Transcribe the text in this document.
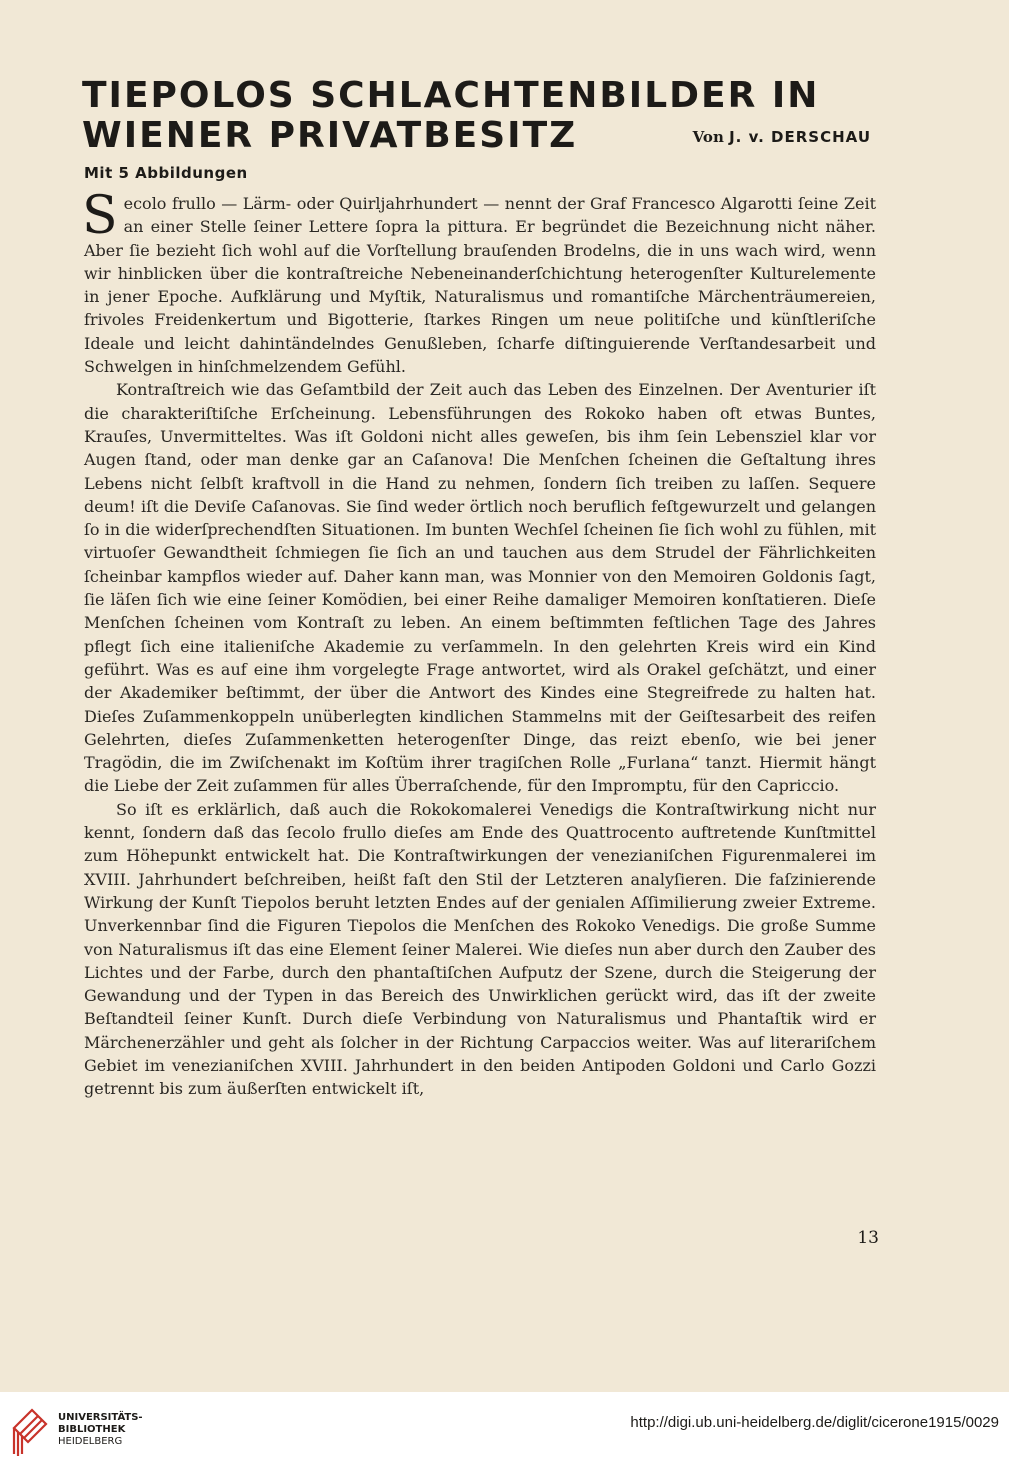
TIEPOLOS SCHLACHTENBILDER IN
WIENER PRIVATBESITZ	Von J. v. DERSCHAU
Mit 5 Abbildungen

Secolo frullo — Lärm- oder Quirljahrhundert — nennt der Graf Francesco Algarotti ſeine Zeit an einer Stelle ſeiner Lettere ſopra la pittura. Er begründet die Bezeichnung nicht näher. Aber ſie bezieht ſich wohl auf die Vorſtellung brauſenden Brodelns, die in uns wach wird, wenn wir hinblicken über die kontraſtreiche Nebeneinanderſchichtung heterogenſter Kulturelemente in jener Epoche. Aufklärung und Myſtik, Naturalismus und romantiſche Märchenträumereien, frivoles Freidenkertum und Bigotterie, ſtarkes Ringen um neue politiſche und künſtleriſche Ideale und leicht dahintändelndes Genußleben, ſcharfe diſtinguierende Verſtandesarbeit und Schwelgen in hinſchmelzendem Gefühl.

Kontraſtreich wie das Geſamtbild der Zeit auch das Leben des Einzelnen. Der Aventurier iſt die charakteriſtiſche Erſcheinung. Lebensführungen des Rokoko haben oft etwas Buntes, Krauſes, Unvermitteltes. Was iſt Goldoni nicht alles geweſen, bis ihm ſein Lebensziel klar vor Augen ſtand, oder man denke gar an Caſanova! Die Menſchen ſcheinen die Geſtaltung ihres Lebens nicht ſelbſt kraftvoll in die Hand zu nehmen, ſondern ſich treiben zu laſſen. Sequere deum! iſt die Deviſe Caſanovas. Sie ſind weder örtlich noch beruflich feſtgewurzelt und gelangen ſo in die widerſprechendſten Situationen. Im bunten Wechſel ſcheinen ſie ſich wohl zu fühlen, mit virtuoſer Gewandtheit ſchmiegen ſie ſich an und tauchen aus dem Strudel der Fährlichkeiten ſcheinbar kampflos wieder auf. Daher kann man, was Monnier von den Memoiren Goldonis ſagt, ſie läſen ſich wie eine ſeiner Komödien, bei einer Reihe damaliger Memoiren konſtatieren. Dieſe Menſchen ſcheinen vom Kontraſt zu leben. An einem beſtimmten feſtlichen Tage des Jahres pflegt ſich eine italieniſche Akademie zu verſammeln. In den gelehrten Kreis wird ein Kind geführt. Was es auf eine ihm vorgelegte Frage antwortet, wird als Orakel geſchätzt, und einer der Akademiker beſtimmt, der über die Antwort des Kindes eine Stegreifrede zu halten hat. Dieſes Zuſammenkoppeln unüberlegten kindlichen Stammelns mit der Geiſtesarbeit des reifen Gelehrten, dieſes Zuſammenketten heterogenſter Dinge, das reizt ebenſo, wie bei jener Tragödin, die im Zwiſchenakt im Koſtüm ihrer tragiſchen Rolle „Furlana“ tanzt. Hiermit hängt die Liebe der Zeit zuſammen für alles Überraſchende, für den Impromptu, für den Capriccio.

So iſt es erklärlich, daß auch die Rokokomalerei Venedigs die Kontraſtwirkung nicht nur kennt, ſondern daß das ſecolo frullo dieſes am Ende des Quattrocento auftretende Kunſtmittel zum Höhepunkt entwickelt hat. Die Kontraſtwirkungen der venezianiſchen Figurenmalerei im XVIII. Jahrhundert beſchreiben, heißt faſt den Stil der Letzteren analyſieren. Die faſzinierende Wirkung der Kunſt Tiepolos beruht letzten Endes auf der genialen Aſſimilierung zweier Extreme. Unverkennbar ſind die Figuren Tiepolos die Menſchen des Rokoko Venedigs. Die große Summe von Naturalismus iſt das eine Element ſeiner Malerei. Wie dieſes nun aber durch den Zauber des Lichtes und der Farbe, durch den phantaſtiſchen Aufputz der Szene, durch die Steigerung der Gewandung und der Typen in das Bereich des Unwirklichen gerückt wird, das iſt der zweite Beſtandteil ſeiner Kunſt. Durch dieſe Verbindung von Naturalismus und Phantaſtik wird er Märchenerzähler und geht als ſolcher in der Richtung Carpaccios weiter. Was auf literariſchem Gebiet im venezianiſchen XVIII. Jahrhundert in den beiden Antipoden Goldoni und Carlo Gozzi getrennt bis zum äußerſten entwickelt iſt,

13
UNIVERSITÄTS-
BIBLIOTHEK
HEIDELBERG
http://digi.ub.uni-heidelberg.de/diglit/cicerone1915/0029
